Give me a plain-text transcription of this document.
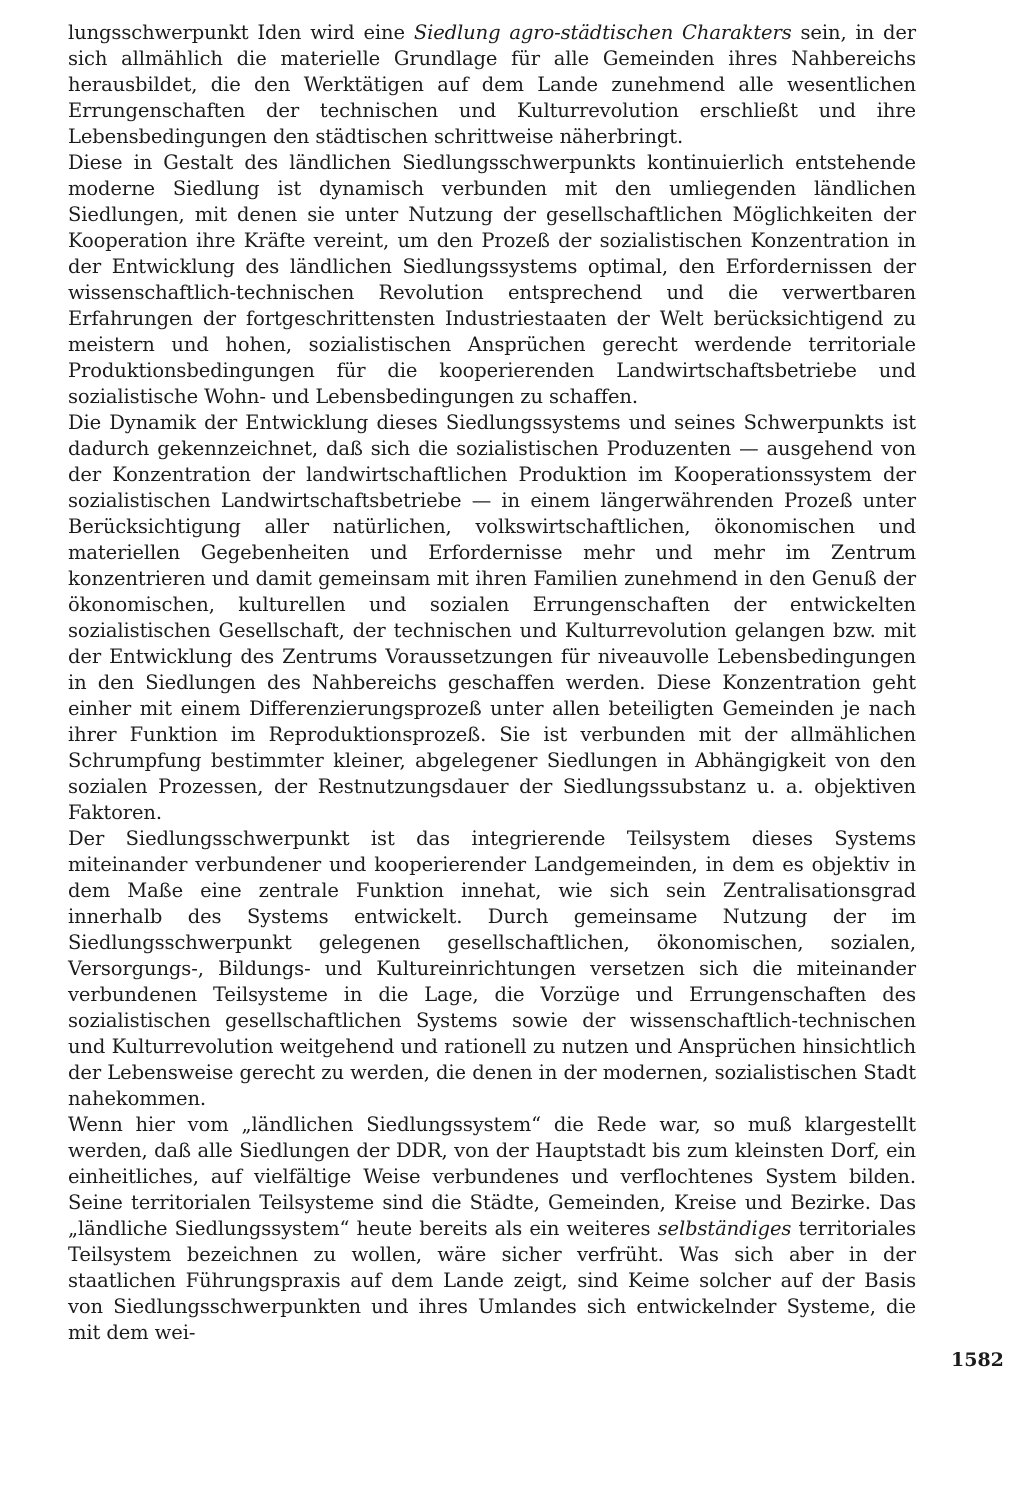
lungsschwerpunkt Iden wird eine Siedlung agro-städtischen Charakters sein, in der sich allmählich die materielle Grundlage für alle Gemeinden ihres Nahbereichs herausbildet, die den Werktätigen auf dem Lande zunehmend alle wesentlichen Errungenschaften der technischen und Kulturrevolution erschließt und ihre Lebensbedingungen den städtischen schrittweise näherbringt.

Diese in Gestalt des ländlichen Siedlungsschwerpunkts kontinuierlich entstehende moderne Siedlung ist dynamisch verbunden mit den umliegenden ländlichen Siedlungen, mit denen sie unter Nutzung der gesellschaftlichen Möglichkeiten der Kooperation ihre Kräfte vereint, um den Prozeß der sozialistischen Konzentration in der Entwicklung des ländlichen Siedlungssystems optimal, den Erfordernissen der wissenschaftlich-technischen Revolution entsprechend und die verwertbaren Erfahrungen der fortgeschrittensten Industriestaaten der Welt berücksichtigend zu meistern und hohen, sozialistischen Ansprüchen gerecht werdende territoriale Produktionsbedingungen für die kooperierenden Landwirtschaftsbetriebe und sozialistische Wohn- und Lebensbedingungen zu schaffen.

Die Dynamik der Entwicklung dieses Siedlungssystems und seines Schwerpunkts ist dadurch gekennzeichnet, daß sich die sozialistischen Produzenten — ausgehend von der Konzentration der landwirtschaftlichen Produktion im Kooperationssystem der sozialistischen Landwirtschaftsbetriebe — in einem längerwährenden Prozeß unter Berücksichtigung aller natürlichen, volkswirtschaftlichen, ökonomischen und materiellen Gegebenheiten und Erfordernisse mehr und mehr im Zentrum konzentrieren und damit gemeinsam mit ihren Familien zunehmend in den Genuß der ökonomischen, kulturellen und sozialen Errungenschaften der entwickelten sozialistischen Gesellschaft, der technischen und Kulturrevolution gelangen bzw. mit der Entwicklung des Zentrums Voraussetzungen für niveauvolle Lebensbedingungen in den Siedlungen des Nahbereichs geschaffen werden. Diese Konzentration geht einher mit einem Differenzierungsprozeß unter allen beteiligten Gemeinden je nach ihrer Funktion im Reproduktionsprozeß. Sie ist verbunden mit der allmählichen Schrumpfung bestimmter kleiner, abgelegener Siedlungen in Abhängigkeit von den sozialen Prozessen, der Restnutzungsdauer der Siedlungssubstanz u. a. objektiven Faktoren.

Der Siedlungsschwerpunkt ist das integrierende Teilsystem dieses Systems miteinander verbundener und kooperierender Landgemeinden, in dem es objektiv in dem Maße eine zentrale Funktion innehat, wie sich sein Zentralisationsgrad innerhalb des Systems entwickelt. Durch gemeinsame Nutzung der im Siedlungsschwerpunkt gelegenen gesellschaftlichen, ökonomischen, sozialen, Versorgungs-, Bildungs- und Kultureinrichtungen versetzen sich die miteinander verbundenen Teilsysteme in die Lage, die Vorzüge und Errungenschaften des sozialistischen gesellschaftlichen Systems sowie der wissenschaftlich-technischen und Kulturrevolution weitgehend und rationell zu nutzen und Ansprüchen hinsichtlich der Lebensweise gerecht zu werden, die denen in der modernen, sozialistischen Stadt nahekommen.

Wenn hier vom „ländlichen Siedlungssystem“ die Rede war, so muß klargestellt werden, daß alle Siedlungen der DDR, von der Hauptstadt bis zum kleinsten Dorf, ein einheitliches, auf vielfältige Weise verbundenes und verflochtenes System bilden. Seine territorialen Teilsysteme sind die Städte, Gemeinden, Kreise und Bezirke. Das „ländliche Siedlungssystem“ heute bereits als ein weiteres selbständiges territoriales Teilsystem bezeichnen zu wollen, wäre sicher verfrüht. Was sich aber in der staatlichen Führungspraxis auf dem Lande zeigt, sind Keime solcher auf der Basis von Siedlungsschwerpunkten und ihres Umlandes sich entwickelnder Systeme, die mit dem wei-

1582
